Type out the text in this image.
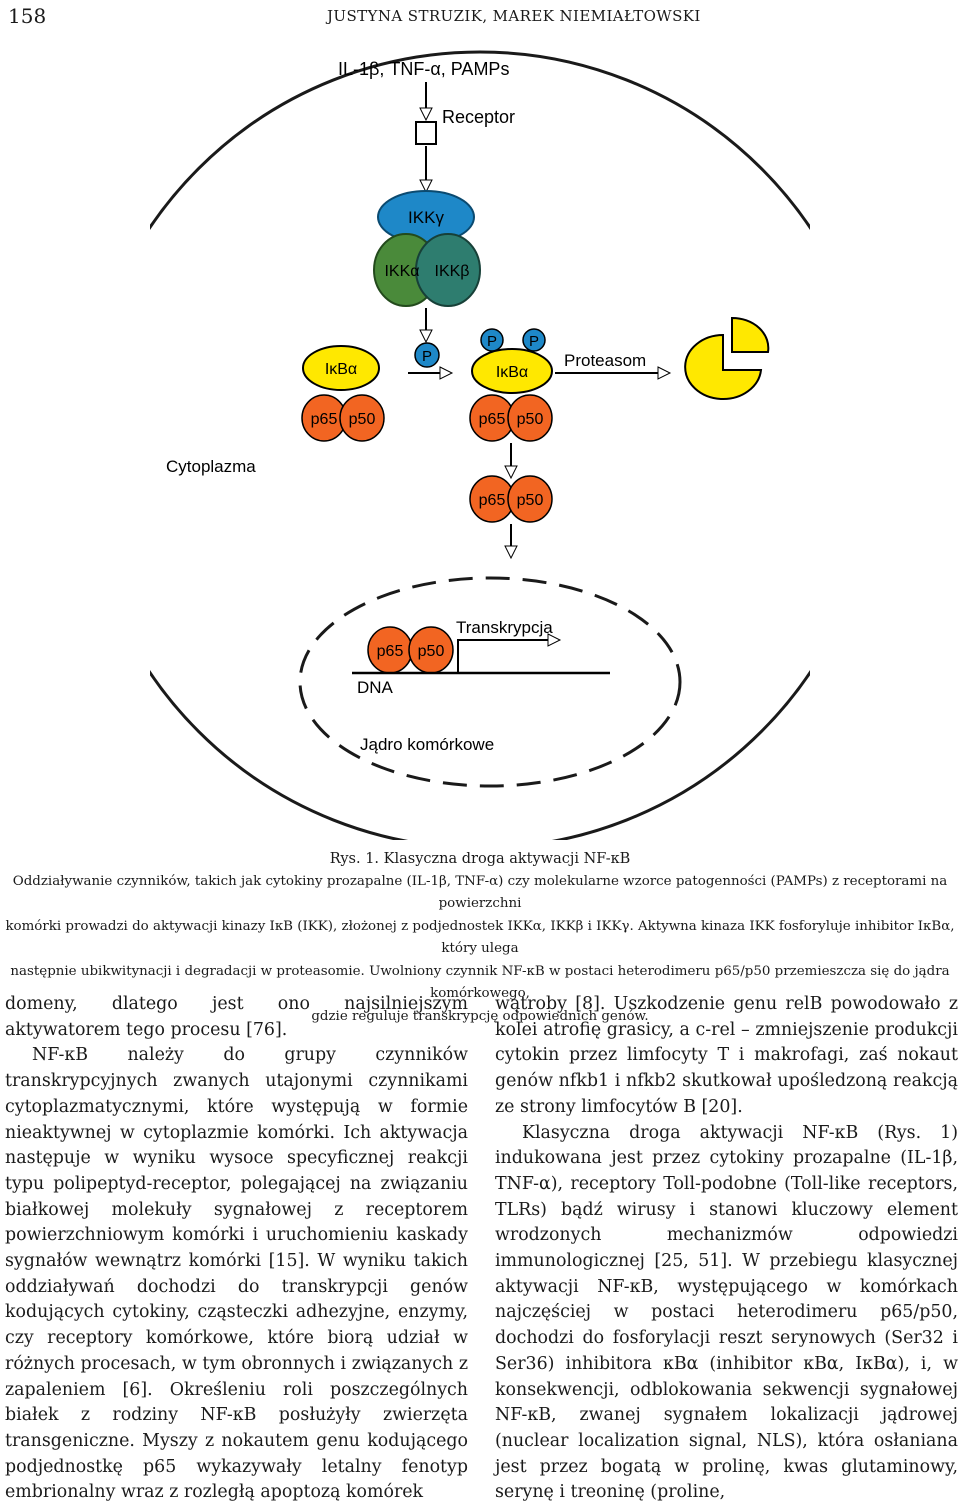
158	JUSTYNA STRUZIK, MAREK NIEMIAŁTOWSKI
IL-1β, TNF-α, PAMPs
Receptor
IKKγ
IKKα IKKβ
IκBα
p65 p50
P
P P
IκBα
p65 p50
Proteasom
Cytoplazma
p65 p50
p65 p50
Transkrypcja
DNA
Jądro komórkowe
Rys. 1. Klasyczna droga aktywacji NF-κB
Oddziaływanie czynników, takich jak cytokiny prozapalne (IL-1β, TNF-α) czy molekularne wzorce patogenności (PAMPs) z receptorami na powierzchni
komórki prowadzi do aktywacji kinazy IκB (IKK), złożonej z podjednostek IKKα, IKKβ i IKKγ. Aktywna kinaza IKK fosforyluje inhibitor IκBα, który ulega
następnie ubikwitynacji i degradacji w proteasomie. Uwolniony czynnik NF-κB w postaci heterodimeru p65/p50 przemieszcza się do jądra komórkowego,
gdzie reguluje transkrypcję odpowiednich genów.

domeny, dlatego jest ono najsilniejszym aktywatorem tego procesu [76].

NF-κB należy do grupy czynników transkrypcyjnych zwanych utajonymi czynnikami cytoplazmatycznymi, które występują w formie nieaktywnej w cytoplazmie komórki. Ich aktywacja następuje w wyniku wysoce specyficznej reakcji typu polipeptyd-receptor, polegającej na związaniu białkowej molekuły sygnałowej z receptorem powierzchniowym komórki i uruchomieniu kaskady sygnałów wewnątrz komórki [15]. W wyniku takich oddziaływań dochodzi do transkrypcji genów kodujących cytokiny, cząsteczki adhezyjne, enzymy, czy receptory komórkowe, które biorą udział w różnych procesach, w tym obronnych i związanych z zapaleniem [6]. Określeniu roli poszczególnych białek z rodziny NF-κB posłużyły zwierzęta transgeniczne. Myszy z nokautem genu kodującego podjednostkę p65 wykazywały letalny fenotyp embrionalny wraz z rozległą apoptozą komórek

wątroby [8]. Uszkodzenie genu relB powodowało z kolei atrofię grasicy, a c-rel – zmniejszenie produkcji cytokin przez limfocyty T i makrofagi, zaś nokaut genów nfkb1 i nfkb2 skutkował upośledzoną reakcją ze strony limfocytów B [20].

Klasyczna droga aktywacji NF-κB (Rys. 1) indukowana jest przez cytokiny prozapalne (IL-1β, TNF-α), receptory Toll-podobne (Toll-like receptors, TLRs) bądź wirusy i stanowi kluczowy element wrodzonych mechanizmów odpowiedzi immunologicznej [25, 51]. W przebiegu klasycznej aktywacji NF-κB, występującego w komórkach najczęściej w postaci heterodimeru p65/p50, dochodzi do fosforylacji reszt serynowych (Ser32 i Ser36) inhibitora κBα (inhibitor κBα, IκBα), i, w konsekwencji, odblokowania sekwencji sygnałowej NF-κB, zwanej sygnałem lokalizacji jądrowej (nuclear localization signal, NLS), która osłaniana jest przez bogatą w prolinę, kwas glutaminowy, serynę i treoninę (proline,
